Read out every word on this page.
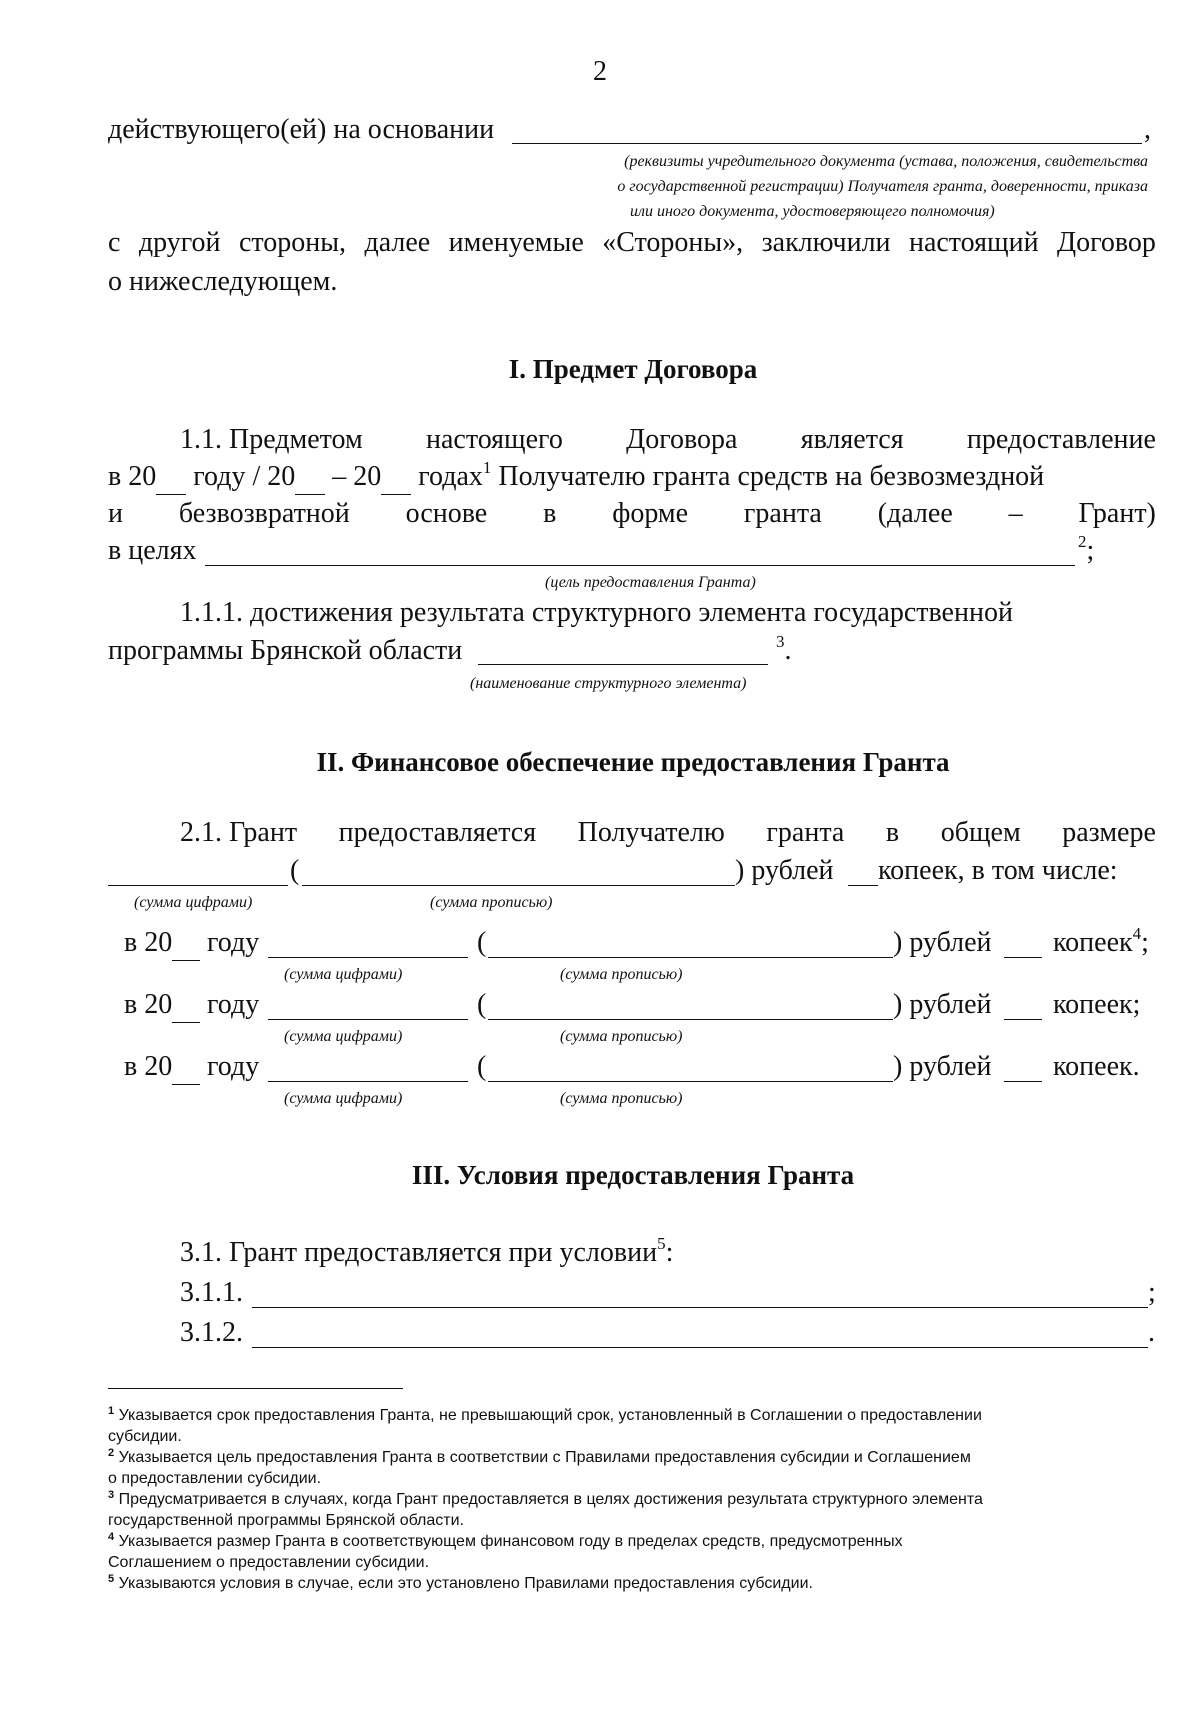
2
действующего(ей) на основании	,
(реквизиты учредительного документа (устава, положения, свидетельства
о государственной регистрации) Получателя гранта, доверенности, приказа
или иного документа, удостоверяющего полномочия)
с другой стороны, далее именуемые «Стороны», заключили настоящий Договор
о нижеследующем.
I. Предмет Договора
1.1. Предметом настоящего Договора является предоставление
в 20  году / 20  – 20  годах$^1$ Получателю гранта средств на безвозмездной
и безвозвратной основе в форме гранта (далее – Грант)
в целях	$^2$;
(цель предоставления Гранта)
1.1.1. достижения результата структурного элемента государственной
программы Брянской области	$^3$.
(наименование структурного элемента)
II. Финансовое обеспечение предоставления Гранта
2.1. Грант предоставляется Получателю гранта в общем размере
(	) рублей копеек, в том числе:
(сумма цифрами)	(сумма прописью)
в 20	году	(	) рублей копеек$^4$;
(сумма цифрами)	(сумма прописью)
в 20	году	(	) рублей копеек;
(сумма цифрами)	(сумма прописью)
в 20	году	(	) рублей копеек.
(сумма цифрами)	(сумма прописью)
III. Условия предоставления Гранта
3.1. Грант предоставляется при условии$^5$:
3.1.1.	;
3.1.2.	.
$^1$ Указывается срок предоставления Гранта, не превышающий срок, установленный в Соглашении о предоставлении
субсидии.
$^2$ Указывается цель предоставления Гранта в соответствии с Правилами предоставления субсидии и Соглашением
о предоставлении субсидии.
$^3$ Предусматривается в случаях, когда Грант предоставляется в целях достижения результата структурного элемента
государственной программы Брянской области.
$^4$ Указывается размер Гранта в соответствующем финансовом году в пределах средств, предусмотренных
Соглашением о предоставлении субсидии.
$^5$ Указываются условия в случае, если это установлено Правилами предоставления субсидии.
